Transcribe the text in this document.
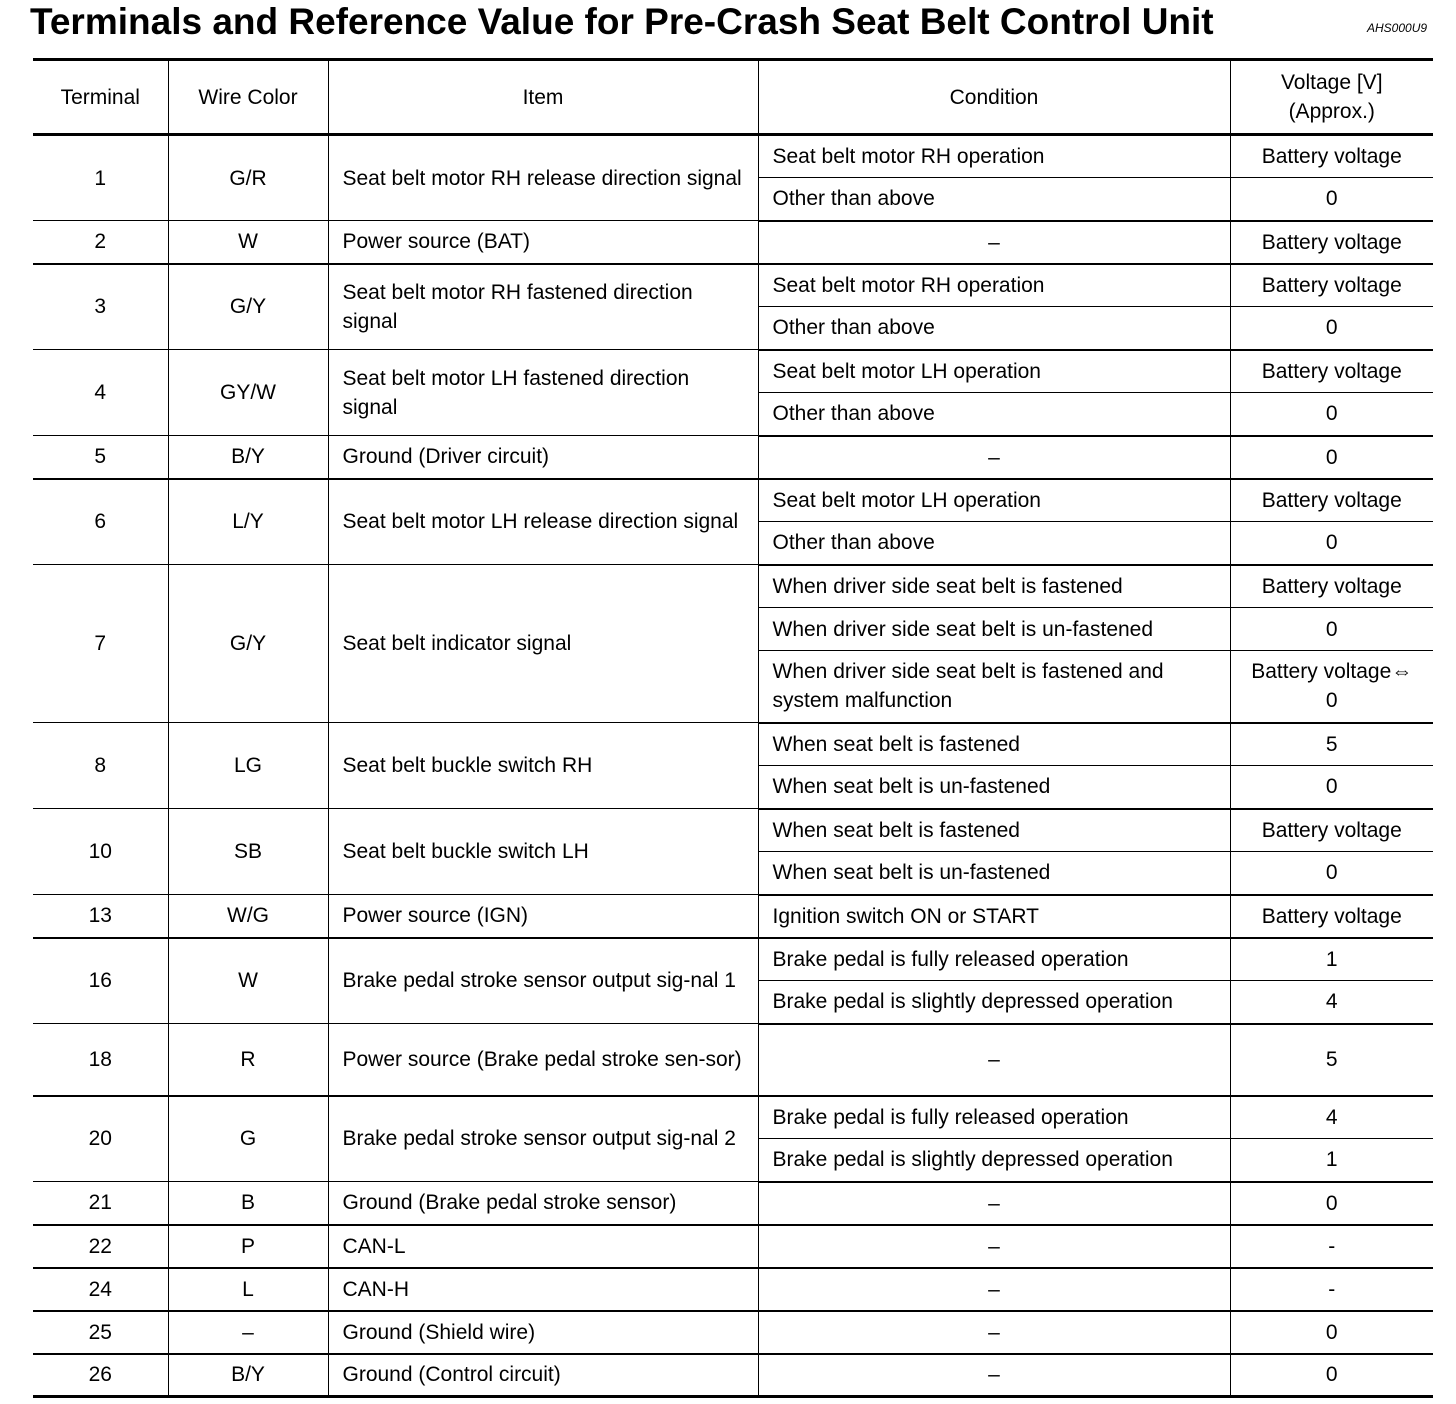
Terminals and Reference Value for Pre-Crash Seat Belt Control Unit	AHS000U9
Terminal	Wire Color	Item	Condition	Voltage [V]
(Approx.)
1	G/R	Seat belt motor RH release direction signal	Seat belt motor RH operation	Battery voltage
			Other than above	0
2	W	Power source (BAT)	–	Battery voltage
3	G/Y	Seat belt motor RH fastened direction signal	Seat belt motor RH operation	Battery voltage
			Other than above	0
4	GY/W	Seat belt motor LH fastened direction signal	Seat belt motor LH operation	Battery voltage
			Other than above	0
5	B/Y	Ground (Driver circuit)	–	0
6	L/Y	Seat belt motor LH release direction signal	Seat belt motor LH operation	Battery voltage
			Other than above	0
7	G/Y	Seat belt indicator signal	When driver side seat belt is fastened	Battery voltage
			When driver side seat belt is un-fastened	0
			When driver side seat belt is fastened and system malfunction	Battery voltage⇔ 0
8	LG	Seat belt buckle switch RH	When seat belt is fastened	5
			When seat belt is un-fastened	0
10	SB	Seat belt buckle switch LH	When seat belt is fastened	Battery voltage
			When seat belt is un-fastened	0
13	W/G	Power source (IGN)	Ignition switch ON or START	Battery voltage
16	W	Brake pedal stroke sensor output sig-nal 1	Brake pedal is fully released operation	1
			Brake pedal is slightly depressed operation	4
18	R	Power source (Brake pedal stroke sen-sor)	–	5
20	G	Brake pedal stroke sensor output sig-nal 2	Brake pedal is fully released operation	4
			Brake pedal is slightly depressed operation	1
21	B	Ground (Brake pedal stroke sensor)	–	0
22	P	CAN-L	–	-
24	L	CAN-H	–	-
25	–	Ground (Shield wire)	–	0
26	B/Y	Ground (Control circuit)	–	0
